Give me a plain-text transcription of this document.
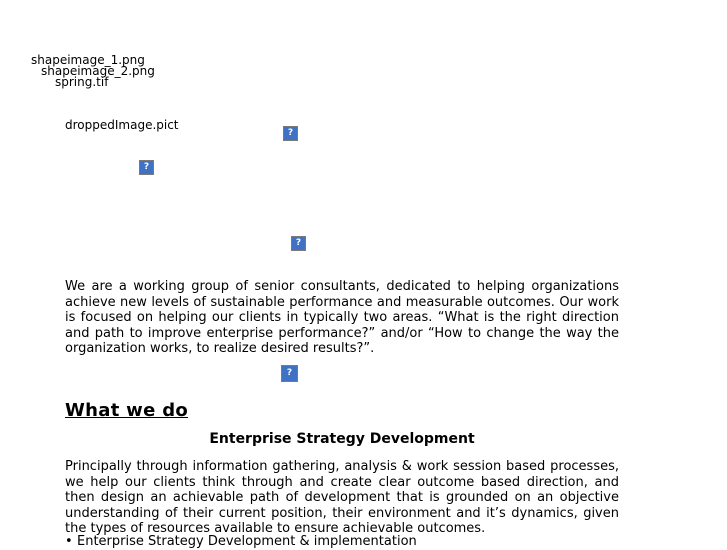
shapeimage_1.png
shapeimage_2.png
spring.tif
droppedImage.pict
?
?
?
?

We are a working group of senior consultants, dedicated to helping organizations achieve new levels of sustainable performance and measurable outcomes. Our work is focused on helping our clients in typically two areas. “What is the right direction and path to improve enterprise performance?” and/or “How to change the way the organization works, to realize desired results?”.

What we do
Enterprise Strategy Development

Principally through information gathering, analysis & work session based processes, we help our clients think through and create clear outcome based direction, and then design an achievable path of development that is grounded on an objective understanding of their current position, their environment and it’s dynamics, given the types of resources available to ensure achievable outcomes.

• Enterprise Strategy Development & implementation
